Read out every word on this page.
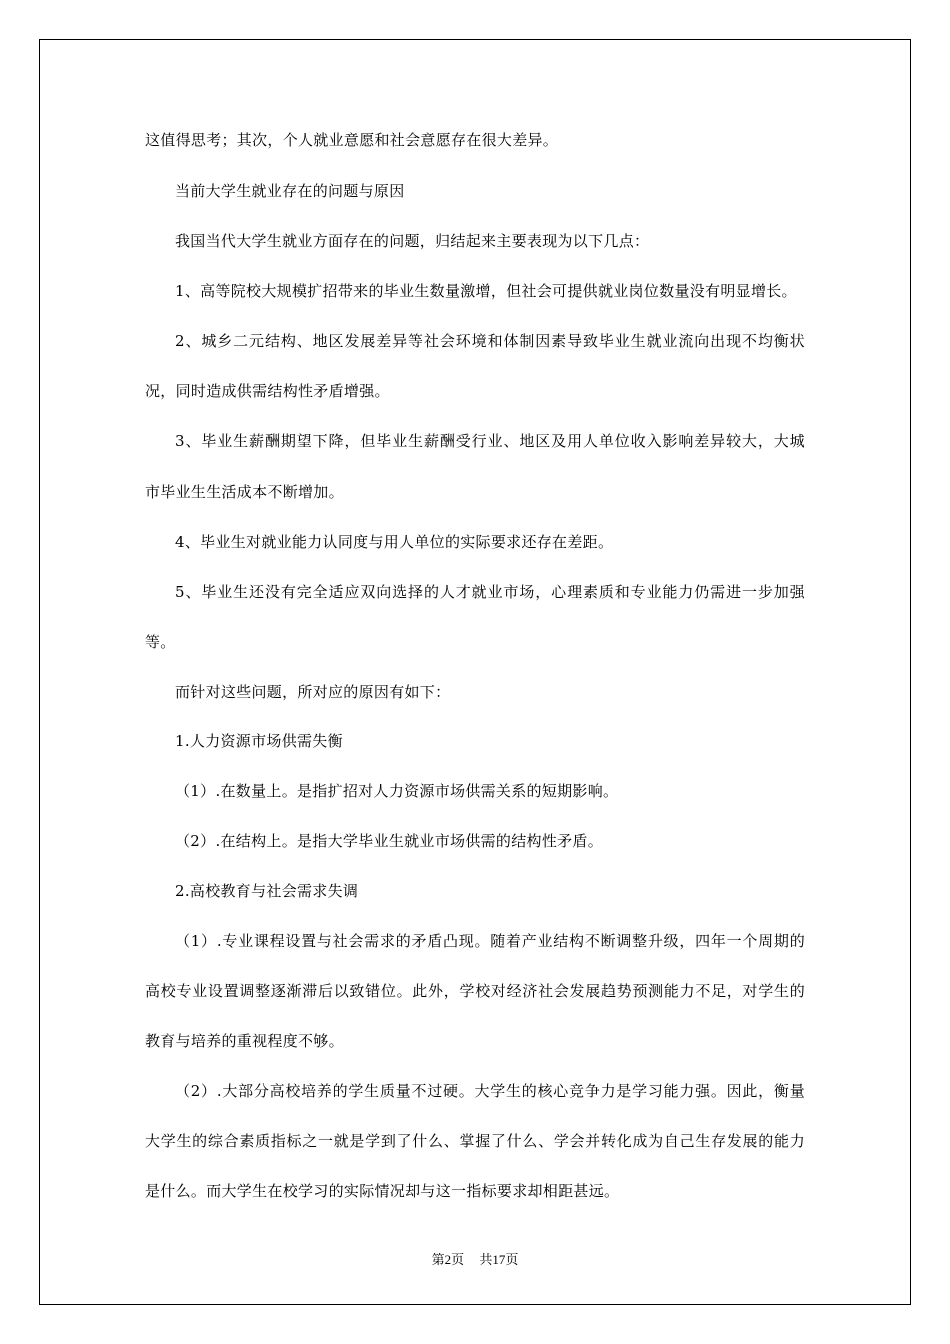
这值得思考；其次，个人就业意愿和社会意愿存在很大差异。
当前大学生就业存在的问题与原因
我国当代大学生就业方面存在的问题，归结起来主要表现为以下几点：
1、高等院校大规模扩招带来的毕业生数量激增，但社会可提供就业岗位数量没有明显增长。
2、城乡二元结构、地区发展差异等社会环境和体制因素导致毕业生就业流向出现不均衡状
况，同时造成供需结构性矛盾增强。
3、毕业生薪酬期望下降，但毕业生薪酬受行业、地区及用人单位收入影响差异较大，大城
市毕业生生活成本不断增加。
4、毕业生对就业能力认同度与用人单位的实际要求还存在差距。
5、毕业生还没有完全适应双向选择的人才就业市场，心理素质和专业能力仍需进一步加强
等。
而针对这些问题，所对应的原因有如下：
1.人力资源市场供需失衡
（1）.在数量上。是指扩招对人力资源市场供需关系的短期影响。
（2）.在结构上。是指大学毕业生就业市场供需的结构性矛盾。
2.高校教育与社会需求失调
（1）.专业课程设置与社会需求的矛盾凸现。随着产业结构不断调整升级，四年一个周期的
高校专业设置调整逐渐滞后以致错位。此外，学校对经济社会发展趋势预测能力不足，对学生的
教育与培养的重视程度不够。
（2）.大部分高校培养的学生质量不过硬。大学生的核心竞争力是学习能力强。因此，衡量
大学生的综合素质指标之一就是学到了什么、掌握了什么、学会并转化成为自己生存发展的能力
是什么。而大学生在校学习的实际情况却与这一指标要求却相距甚远。
第2页 共17页
